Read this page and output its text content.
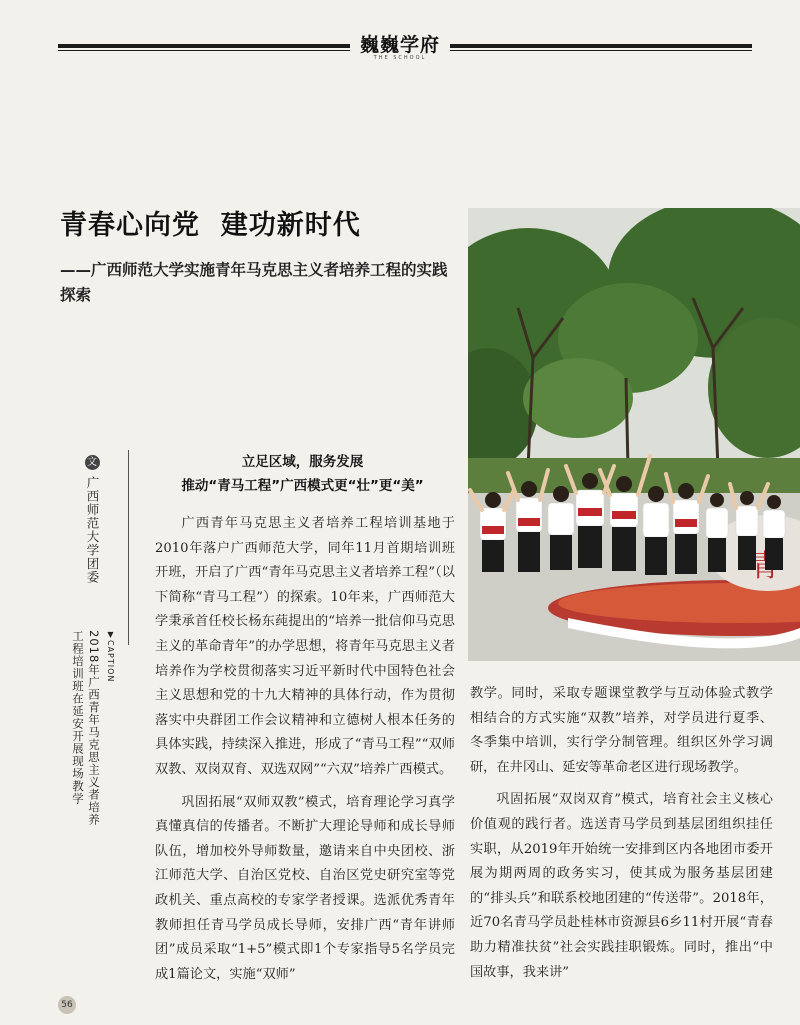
巍巍学府
THE SCHOOL
青春心向党  建功新时代
——广西师范大学实施青年马克思主义者培养工程的实践探索
文
广西师范大学团委
▼CAPTION
2018年广西青年马克思主义者培养工程培训班在延安开展现场教学
立足区域，服务发展
推动“青马工程”广西模式更“壮”更“美”

广西青年马克思主义者培养工程培训基地于2010年落户广西师范大学，同年11月首期培训班开班，开启了广西“青年马克思主义者培养工程”（以下简称“青马工程”）的探索。10年来，广西师范大学秉承首任校长杨东莼提出的“培养一批信仰马克思主义的革命青年”的办学思想，将青年马克思主义者培养作为学校贯彻落实习近平新时代中国特色社会主义思想和党的十九大精神的具体行动，作为贯彻落实中央群团工作会议精神和立德树人根本任务的具体实践，持续深入推进，形成了“青马工程”“双师双教、双岗双育、双选双网”“六双”培养广西模式。

巩固拓展“双师双教”模式，培育理论学习真学真懂真信的传播者。不断扩大理论导师和成长导师队伍，增加校外导师数量，邀请来自中央团校、浙江师范大学、自治区党校、自治区党史研究室等党政机关、重点高校的专家学者授课。选派优秀青年教师担任青马学员成长导师，安排广西“青年讲师团”成员采取“1+5”模式即1个专家指导5名学员完成1篇论文，实施“双师”

教学。同时，采取专题课堂教学与互动体验式教学相结合的方式实施“双教”培养，对学员进行夏季、冬季集中培训，实行学分制管理。组织区外学习调研，在井冈山、延安等革命老区进行现场教学。

巩固拓展“双岗双育”模式，培育社会主义核心价值观的践行者。选送青马学员到基层团组织挂任实职，从2019年开始统一安排到区内各地团市委开展为期两周的政务实习，使其成为服务基层团建的“排头兵”和联系校地团建的“传送带”。2018年，近70名青马学员赴桂林市资源县6乡11村开展“青春助力精准扶贫”社会实践挂职锻炼。同时，推出“中国故事，我来讲”

56
